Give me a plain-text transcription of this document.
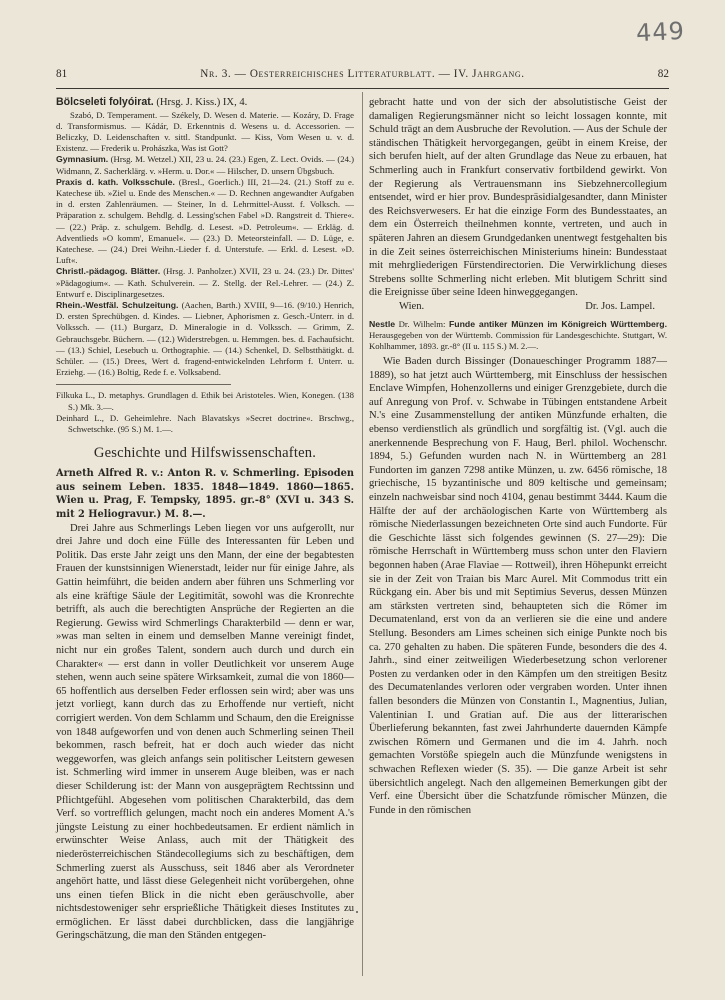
449
81	Nr. 3. — Oesterreichisches Litteraturblatt. — IV. Jahrgang.	82

Bölcseleti folyóirat. (Hrsg. J. Kiss.) IX, 4.

Szabó, D. Temperament. — Székely, D. Wesen d. Materie. — Kozáry, D. Frage d. Transformismus. — Kádár, D. Erkenntnis d. Wesens u. d. Accessorien. — Beliczky, D. Leidenschaften v. sittl. Standpunkt. — Kiss, Vom Wesen u. v. d. Existenz. — Frederik u. Prohászka, Was ist Gott?

Gymnasium. (Hrsg. M. Wetzel.) XII, 23 u. 24. (23.) Egen, Z. Lect. Ovids. — (24.) Widmann, Z. Sacherklärg. v. »Herm. u. Dor.« — Hilscher, D. unsern Übgsbuch.

Praxis d. kath. Volksschule. (Bresl., Goerlich.) III, 21—24. (21.) Stoff zu e. Katechese üb. »Ziel u. Ende des Menschen.« — D. Rechnen angewandter Aufgaben in d. ersten Zahlenräumen. — Steiner, In d. Lehrmittel-Ausst. f. Volksch. — Präparation z. schulgem. Behdlg. d. Lessing'schen Fabel »D. Rangstreit d. Thiere«. — (22.) Präp. z. schulgem. Behdlg. d. Lesest. »D. Petroleum«. — Erkläg. d. Adventlieds »O komm', Emanuel«. — (23.) D. Meteorsteinfall. — D. Lüge, e. Katechese. — (24.) Drei Weihn.-Lieder f. d. Unterstufe. — Erkl. d. Lesest. »D. Luft«.

Christl.-pädagog. Blätter. (Hrsg. J. Panholzer.) XVII, 23 u. 24. (23.) Dr. Dittes' »Pädagogium«. — Kath. Schulverein. — Z. Stellg. der Rel.-Lehrer. — (24.) Z. Entwurf e. Disciplinargesetzes.

Rhein.-Westfäl. Schulzeitung. (Aachen, Barth.) XVIII, 9—16. (9/10.) Henrich, D. ersten Sprechübgen. d. Kindes. — Liebner, Aphorismen z. Gesch.-Unterr. in d. Volkssch. — (11.) Burgarz, D. Mineralogie in d. Volkssch. — Grimm, Z. Gebrauchsgebr. Büchern. — (12.) Widerstrebgen. u. Hemmgen. bes. d. Fachaufsicht. — (13.) Schiel, Lesebuch u. Orthographie. — (14.) Schenkel, D. Selbstthätigkt. d. Schüler. — (15.) Drees, Wert d. fragend-entwickelnden Lehrform f. Unterr. u. Erziehg. — (16.) Boltig, Rede f. e. Volksabend.

Filkuka L., D. metaphys. Grundlagen d. Ethik bei Aristoteles. Wien, Konegen. (138 S.) Mk. 3.—.

Deinhard L., D. Geheimlehre. Nach Blavatskys »Secret doctrine«. Brschwg., Schwetschke. (95 S.) M. 1.—.

Geschichte und Hilfswissenschaften.

Arneth Alfred R. v.: Anton R. v. Schmerling. Episoden aus seinem Leben. 1835. 1848—1849. 1860—1865. Wien u. Prag, F. Tempsky, 1895. gr.-8° (XVI u. 343 S. mit 2 Heliogravur.) M. 8.—.

Drei Jahre aus Schmerlings Leben liegen vor uns aufgerollt, nur drei Jahre und doch eine Fülle des Interessanten für Leben und Politik. Das erste Jahr zeigt uns den Mann, der eine der begabtesten Frauen der kunstsinnigen Wienerstadt, leider nur für einige Jahre, als Gattin heimführt, die beiden andern aber führen uns Schmerling vor als eine kräftige Säule der Legitimität, sowohl was die Kronrechte betrifft, als auch die berechtigten Ansprüche der Regierten an die Regierung. Gewiss wird Schmerlings Charakterbild — denn er war, »was man selten in einem und demselben Manne vereinigt findet, nicht nur ein großes Talent, sondern auch durch und durch ein Charakter« — erst dann in voller Deutlichkeit vor unserem Auge stehen, wenn auch seine spätere Wirksamkeit, zumal die von 1860—65 hoffentlich aus derselben Feder erflossen sein wird; aber was uns jetzt vorliegt, kann durch das zu Erhoffende nur vertieft, nicht corrigiert werden. Von dem Schlamm und Schaum, den die Ereignisse von 1848 aufgeworfen und von denen auch Schmerling seinen Theil bekommen, rasch befreit, hat er doch auch wieder das nicht weggeworfen, was gleich anfangs sein politischer Leitstern gewesen ist. Schmerling wird immer in unserem Auge bleiben, was er nach dieser Schilderung ist: der Mann von ausgeprägtem Rechtssinn und Pflichtgefühl. Abgesehen vom politischen Charakterbild, das dem Verf. so vortrefflich gelungen, macht noch ein anderes Moment A.'s jüngste Leistung zu einer hochbedeutsamen. Er erdient nämlich in erwünschter Weise Anlass, auch mit der Thätigkeit des niederösterreichischen Ständecollegiums sich zu beschäftigen, dem Schmerling zuerst als Ausschuss, seit 1846 aber als Verordneter angehört hatte, und lässt diese Gelegenheit nicht vorübergehen, ohne uns einen tiefen Blick in die nicht eben geräuschvolle, aber nichtsdestoweniger sehr ersprießliche Thätigkeit dieses Institutes zu ermöglichen. Er lässt dabei durchblicken, dass die langjährige Geringschätzung, die man den Ständen entgegen-

gebracht hatte und von der sich der absolutistische Geist der damaligen Regierungsmänner nicht so leicht lossagen konnte, mit Schuld trägt an dem Ausbruche der Revolution. — Aus der Schule der ständischen Thätigkeit hervorgegangen, geübt in einem Kreise, der sich berufen hielt, auf der alten Grundlage das Neue zu erbauen, hat Schmerling auch in Frankfurt conservativ fortbildend gewirkt. Von der Regierung als Vertrauensmann ins Siebzehnercollegium entsendet, wird er hier prov. Bundespräsidialgesandter, dann Minister des Reichsverwesers. Er hat die einzige Form des Bundesstaates, an dem ein Österreich theilnehmen konnte, vertreten, und auch in späteren Jahren an diesem Grundgedanken unentwegt festgehalten bis in die Zeit seines österreichischen Ministeriums hinein: Bundesstaat mit mehrgliederigen Fürstendirectorien. Die Verwirklichung dieses Strebens sollte Schmerling nicht erleben. Mit blutigem Schritt sind die Ereignisse über seine Ideen hinweggegangen.

Wien.	Dr. Jos. Lampel.

Nestle Dr. Wilhelm: Funde antiker Münzen im Königreich Württemberg. Herausgegeben von der Württemb. Commission für Landesgeschichte. Stuttgart, W. Kohlhammer, 1893. gr.-8° (II u. 115 S.) M. 2.—.

Wie Baden durch Bissinger (Donaueschinger Programm 1887—1889), so hat jetzt auch Württemberg, mit Einschluss der hessischen Enclave Wimpfen, Hohenzollerns und einiger Grenzgebiete, durch die auf Anregung von Prof. v. Schwabe in Tübingen entstandene Arbeit N.'s eine Zusammenstellung der antiken Münzfunde erhalten, die ebenso verdienstlich als gründlich und sorgfältig ist. (Vgl. auch die anerkennende Besprechung von F. Haug, Berl. philol. Wochenschr. 1894, 5.) Gefunden wurden nach N. in Württemberg an 281 Fundorten im ganzen 7298 antike Münzen, u. zw. 6456 römische, 18 griechische, 15 byzantinische und 809 keltische und gemeinsam; einzeln nachweisbar sind noch 4104, genau bestimmt 3444. Kaum die Hälfte der auf der archäologischen Karte von Württemberg als römische Niederlassungen bezeichneten Orte sind auch Fundorte. Für die Geschichte lässt sich folgendes gewinnen (S. 27—29): Die römische Herrschaft in Württemberg muss schon unter den Flaviern begonnen haben (Arae Flaviae — Rottweil), ihren Höhepunkt erreicht sie in der Zeit von Traian bis Marc Aurel. Mit Commodus tritt ein Rückgang ein. Aber bis und mit Septimius Severus, dessen Münzen am stärksten vertreten sind, behaupteten sich die Römer im Decumatenland, erst von da an verlieren sie die eine und andere Stellung. Besonders am Limes scheinen sich einige Punkte noch bis ca. 270 gehalten zu haben. Die späteren Funde, besonders die des 4. Jahrh., sind einer zeitweiligen Wiederbesetzung schon verlorener Posten zu verdanken oder in den Kämpfen um den streitigen Besitz des Decumatenlandes verloren oder vergraben worden. Unter ihnen fallen besonders die Münzen von Constantin I., Magnentius, Julian, Valentinian I. und Gratian auf. Die aus der litterarischen Überlieferung bekannten, fast zwei Jahrhunderte dauernden Kämpfe zwischen Römern und Germanen und die im 4. Jahrh. noch gemachten Vorstöße spiegeln auch die Münzfunde wenigstens in schwachen Reflexen wieder (S. 35). — Die ganze Arbeit ist sehr übersichtlich angelegt. Nach den allgemeinen Bemerkungen gibt der Verf. eine Übersicht über die Schatzfunde römischer Münzen, die Funde in den römischen
